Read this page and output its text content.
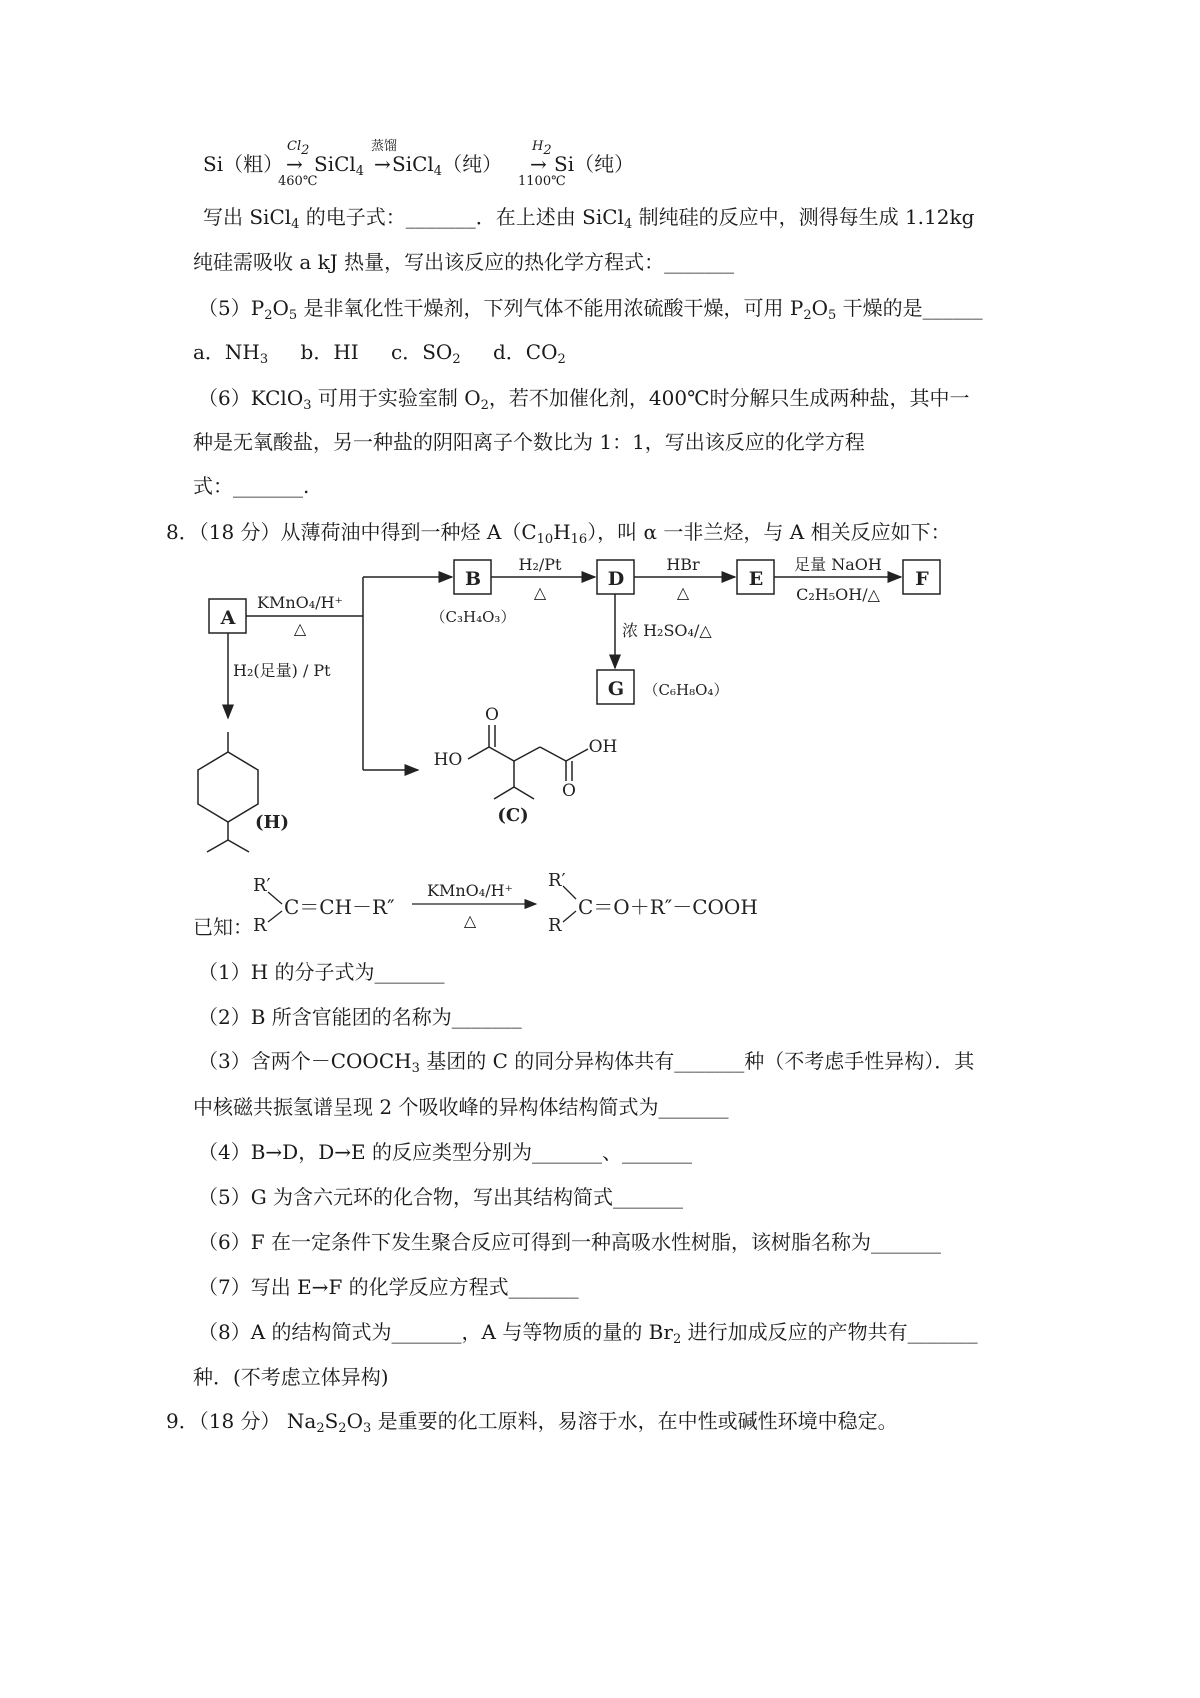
Si（粗）
$Cl_2$
→
460℃
SiCl$_4$
蒸馏
→ SiCl$_4$（纯）
$H_2$
→
1100℃
Si（纯）
写出 SiCl$_4$ 的电子式：_______．在上述由 SiCl$_4$ 制纯硅的反应中，测得每生成 1.12kg
纯硅需吸收 a kJ 热量，写出该反应的热化学方程式：_______
$(5)P_2O_5$ 是非氧化性干燥剂，下列气体不能用浓硫酸干燥，可用 $P_2O_5$ 干燥的是______
a．$NH_3$ b．HI c．$SO_2$ d．$CO_2$
（6）KClO$_3$ 可用于实验室制 $O_2$，若不加催化剂，400℃时分解只生成两种盐，其中一
种是无氧酸盐，另一种盐的阴阳离子个数比为 1：1，写出该反应的化学方程
式：_______.
8．（18 分）从薄荷油中得到一种烃 $A(C_{10}H_{16})$，叫 α 一非兰烃，与 A 相关反应如下：
A
B	D	E	F
G
KMnO₄/H⁺
△
H₂/Pt
△
HBr
△
足量 NaOH
C₂H₅OH/△
浓 H₂SO₄/△
H₂(足量) / Pt
（C₃H₄O₃）
（C₆H₈O₄）
(H)	(C)
HO
OH
O
O
已知：
R′
R
C＝CH－R″
KMnO₄/H⁺
△
R′
R
C＝O＋R″－COOH
（1）H 的分子式为_______
（2）B 所含官能团的名称为_______
（3）含两个$-COOCH_3$ 基团的 C 的同分异构体共有_______种（不考虑手性异构）．其
中核磁共振氢谱呈现 2 个吸收峰的异构体结构简式为_______
（4）B→D，D→E 的反应类型分别为_______、_______
（5）G 为含六元环的化合物，写出其结构简式_______
（6）F 在一定条件下发生聚合反应可得到一种高吸水性树脂，该树脂名称为_______
（7）写出 E→F 的化学反应方程式_______
（8）A 的结构简式为_______，A 与等物质的量的 $Br_2$ 进行加成反应的产物共有_______
种．(不考虑立体异构)
9．（18 分） $Na_2S_2O_3$ 是重要的化工原料，易溶于水，在中性或碱性环境中稳定。
